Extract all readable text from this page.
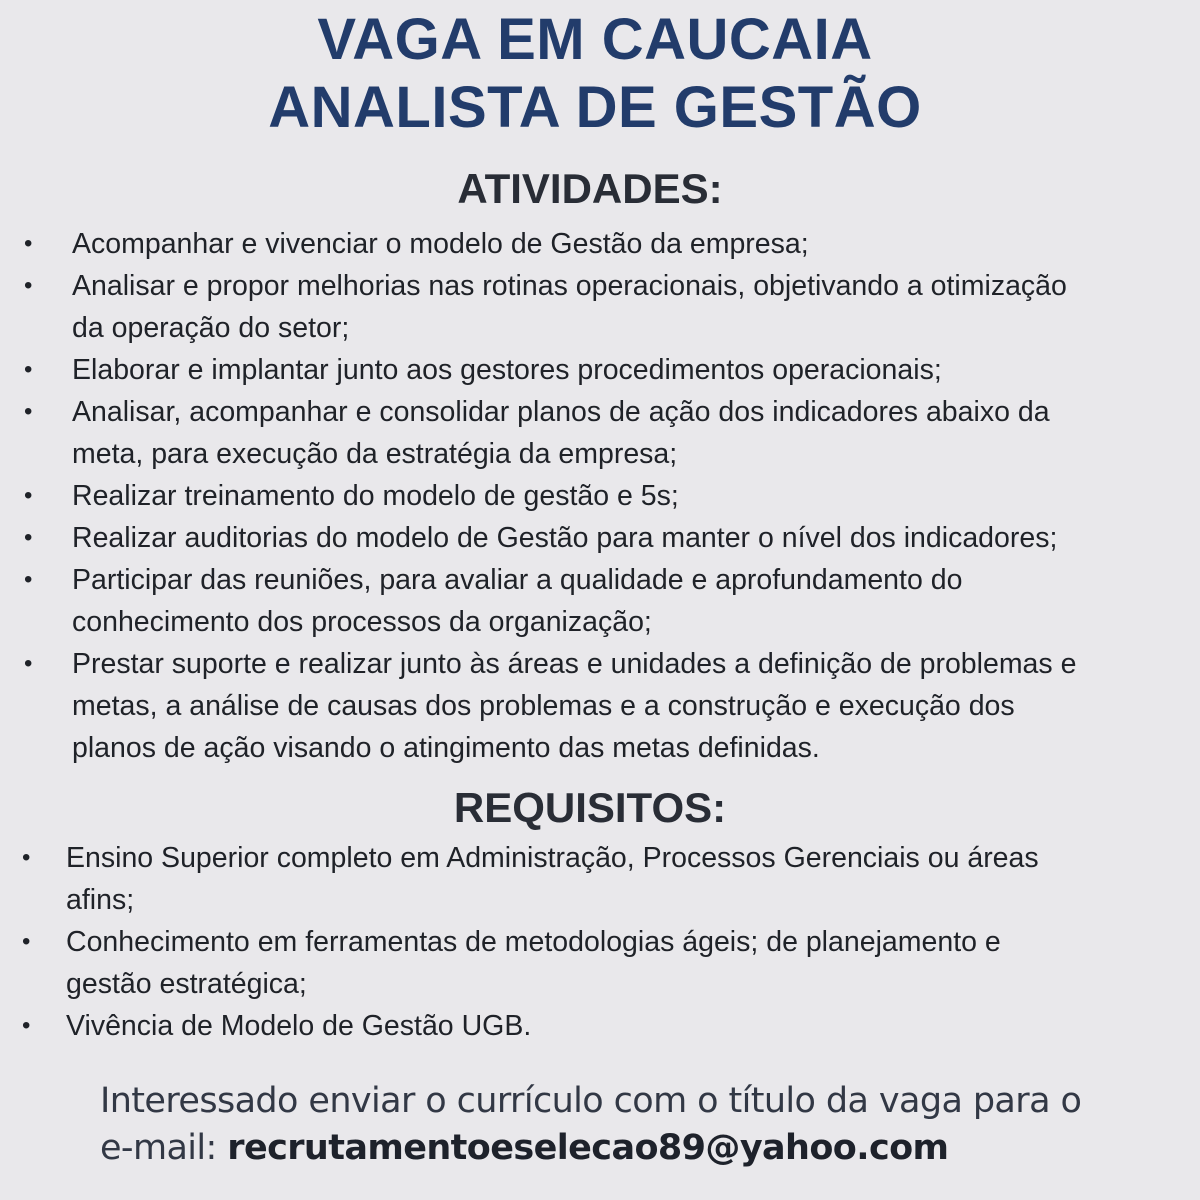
VAGA EM CAUCAIA
ANALISTA DE GESTÃO
ATIVIDADES:
• Acompanhar e vivenciar o modelo de Gestão da empresa;
• Analisar e propor melhorias nas rotinas operacionais, objetivando a otimização
da operação do setor;
• Elaborar e implantar junto aos gestores procedimentos operacionais;
• Analisar, acompanhar e consolidar planos de ação dos indicadores abaixo da
meta, para execução da estratégia da empresa;
• Realizar treinamento do modelo de gestão e 5s;
• Realizar auditorias do modelo de Gestão para manter o nível dos indicadores;
• Participar das reuniões, para avaliar a qualidade e aprofundamento do
conhecimento dos processos da organização;
• Prestar suporte e realizar junto às áreas e unidades a definição de problemas e
metas, a análise de causas dos problemas e a construção e execução dos
planos de ação visando o atingimento das metas definidas.
REQUISITOS:
• Ensino Superior completo em Administração, Processos Gerenciais ou áreas
afins;
• Conhecimento em ferramentas de metodologias ágeis; de planejamento e
gestão estratégica;
• Vivência de Modelo de Gestão UGB.
Interessado enviar o currículo com o título da vaga para o
e-mail: recrutamentoeselecao89@yahoo.com
